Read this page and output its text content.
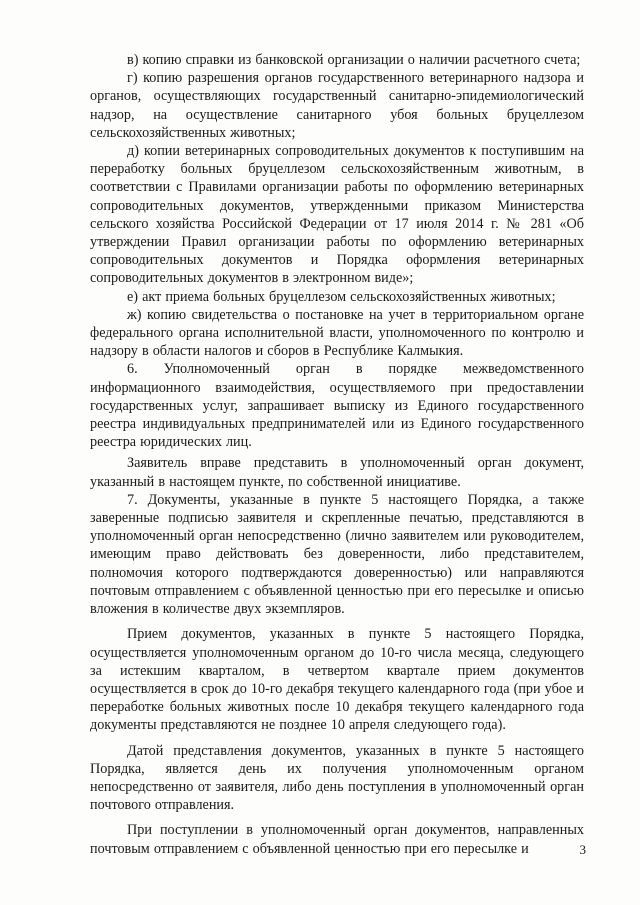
в) копию справки из банковской организации о наличии расчетного счета;

г) копию разрешения органов государственного ветеринарного надзора и органов, осуществляющих государственный санитарно-эпидемиологический надзор, на осуществление санитарного убоя больных бруцеллезом сельскохозяйственных животных;

д) копии ветеринарных сопроводительных документов к поступившим на переработку больных бруцеллезом сельскохозяйственным животным, в соответствии с Правилами организации работы по оформлению ветеринарных сопроводительных документов, утвержденными приказом Министерства сельского хозяйства Российской Федерации от 17 июля 2014 г. № 281 «Об утверждении Правил организации работы по оформлению ветеринарных сопроводительных документов и Порядка оформления ветеринарных сопроводительных документов в электронном виде»;

е) акт приема больных бруцеллезом сельскохозяйственных животных;

ж) копию свидетельства о постановке на учет в территориальном органе федерального органа исполнительной власти, уполномоченного по контролю и надзору в области налогов и сборов в Республике Калмыкия.

6. Уполномоченный орган в порядке межведомственного информационного взаимодействия, осуществляемого при предоставлении государственных услуг, запрашивает выписку из Единого государственного реестра индивидуальных предпринимателей или из Единого государственного реестра юридических лиц.

Заявитель вправе представить в уполномоченный орган документ, указанный в настоящем пункте, по собственной инициативе.

7. Документы, указанные в пункте 5 настоящего Порядка, а также заверенные подписью заявителя и скрепленные печатью, представляются в уполномоченный орган непосредственно (лично заявителем или руководителем, имеющим право действовать без доверенности, либо представителем, полномочия которого подтверждаются доверенностью) или направляются почтовым отправлением с объявленной ценностью при его пересылке и описью вложения в количестве двух экземпляров.

Прием документов, указанных в пункте 5 настоящего Порядка, осуществляется уполномоченным органом до 10-го числа месяца, следующего за истекшим кварталом, в четвертом квартале прием документов осуществляется в срок до 10-го декабря текущего календарного года (при убое и переработке больных животных после 10 декабря текущего календарного года документы представляются не позднее 10 апреля следующего года).

Датой представления документов, указанных в пункте 5 настоящего Порядка, является день их получения уполномоченным органом непосредственно от заявителя, либо день поступления в уполномоченный орган почтового отправления.

При поступлении в уполномоченный орган документов, направленных почтовым отправлением с объявленной ценностью при его пересылке и	3
